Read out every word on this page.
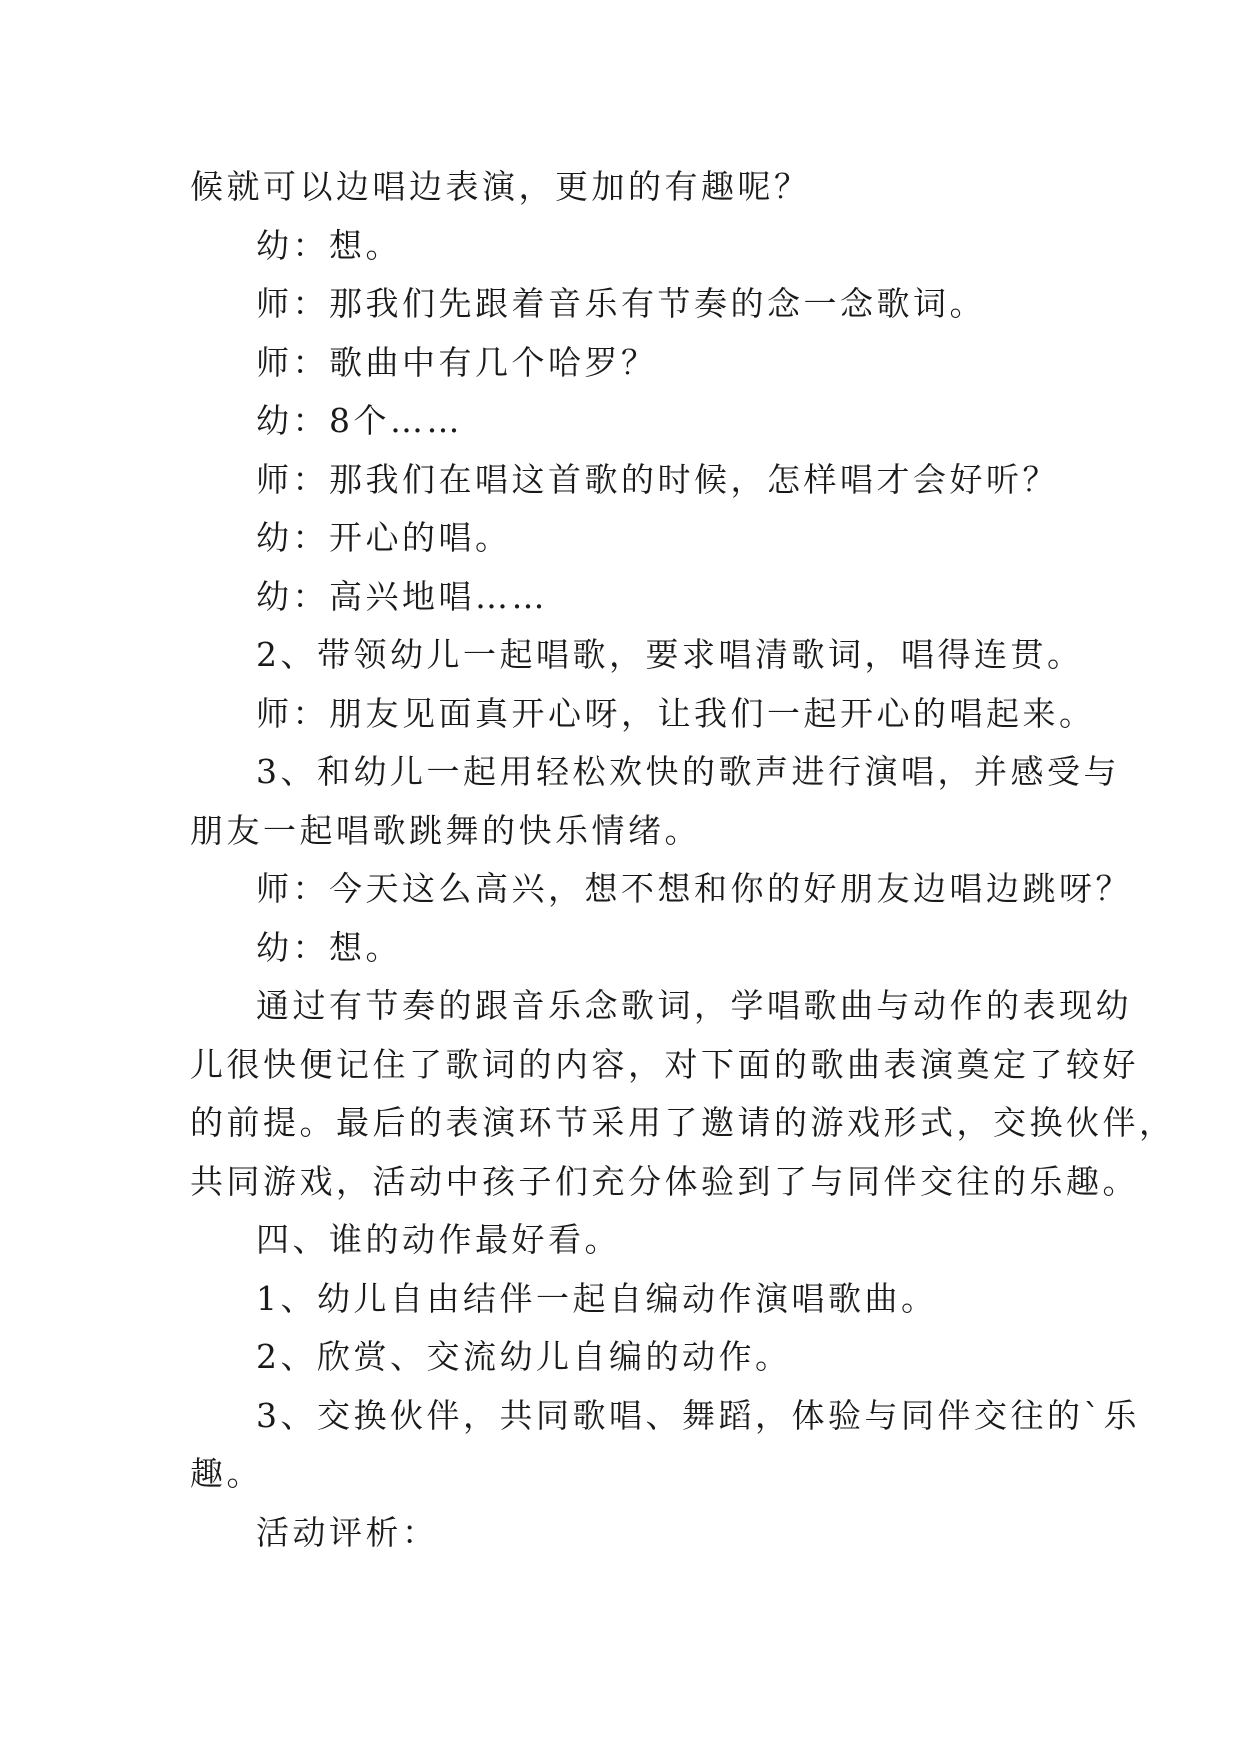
候就可以边唱边表演，更加的有趣呢？
幼：想。
师：那我们先跟着音乐有节奏的念一念歌词。
师：歌曲中有几个哈罗？
幼：8个……
师：那我们在唱这首歌的时候，怎样唱才会好听？
幼：开心的唱。
幼：高兴地唱……
2、带领幼儿一起唱歌，要求唱清歌词，唱得连贯。
师：朋友见面真开心呀，让我们一起开心的唱起来。
3、和幼儿一起用轻松欢快的歌声进行演唱，并感受与
朋友一起唱歌跳舞的快乐情绪。
师：今天这么高兴，想不想和你的好朋友边唱边跳呀？
幼：想。
通过有节奏的跟音乐念歌词，学唱歌曲与动作的表现幼
儿很快便记住了歌词的内容，对下面的歌曲表演奠定了较好
的前提。最后的表演环节采用了邀请的游戏形式，交换伙伴，
共同游戏，活动中孩子们充分体验到了与同伴交往的乐趣。
四、谁的动作最好看。
1、幼儿自由结伴一起自编动作演唱歌曲。
2、欣赏、交流幼儿自编的动作。
3、交换伙伴，共同歌唱、舞蹈，体验与同伴交往的`乐
趣。
活动评析：
